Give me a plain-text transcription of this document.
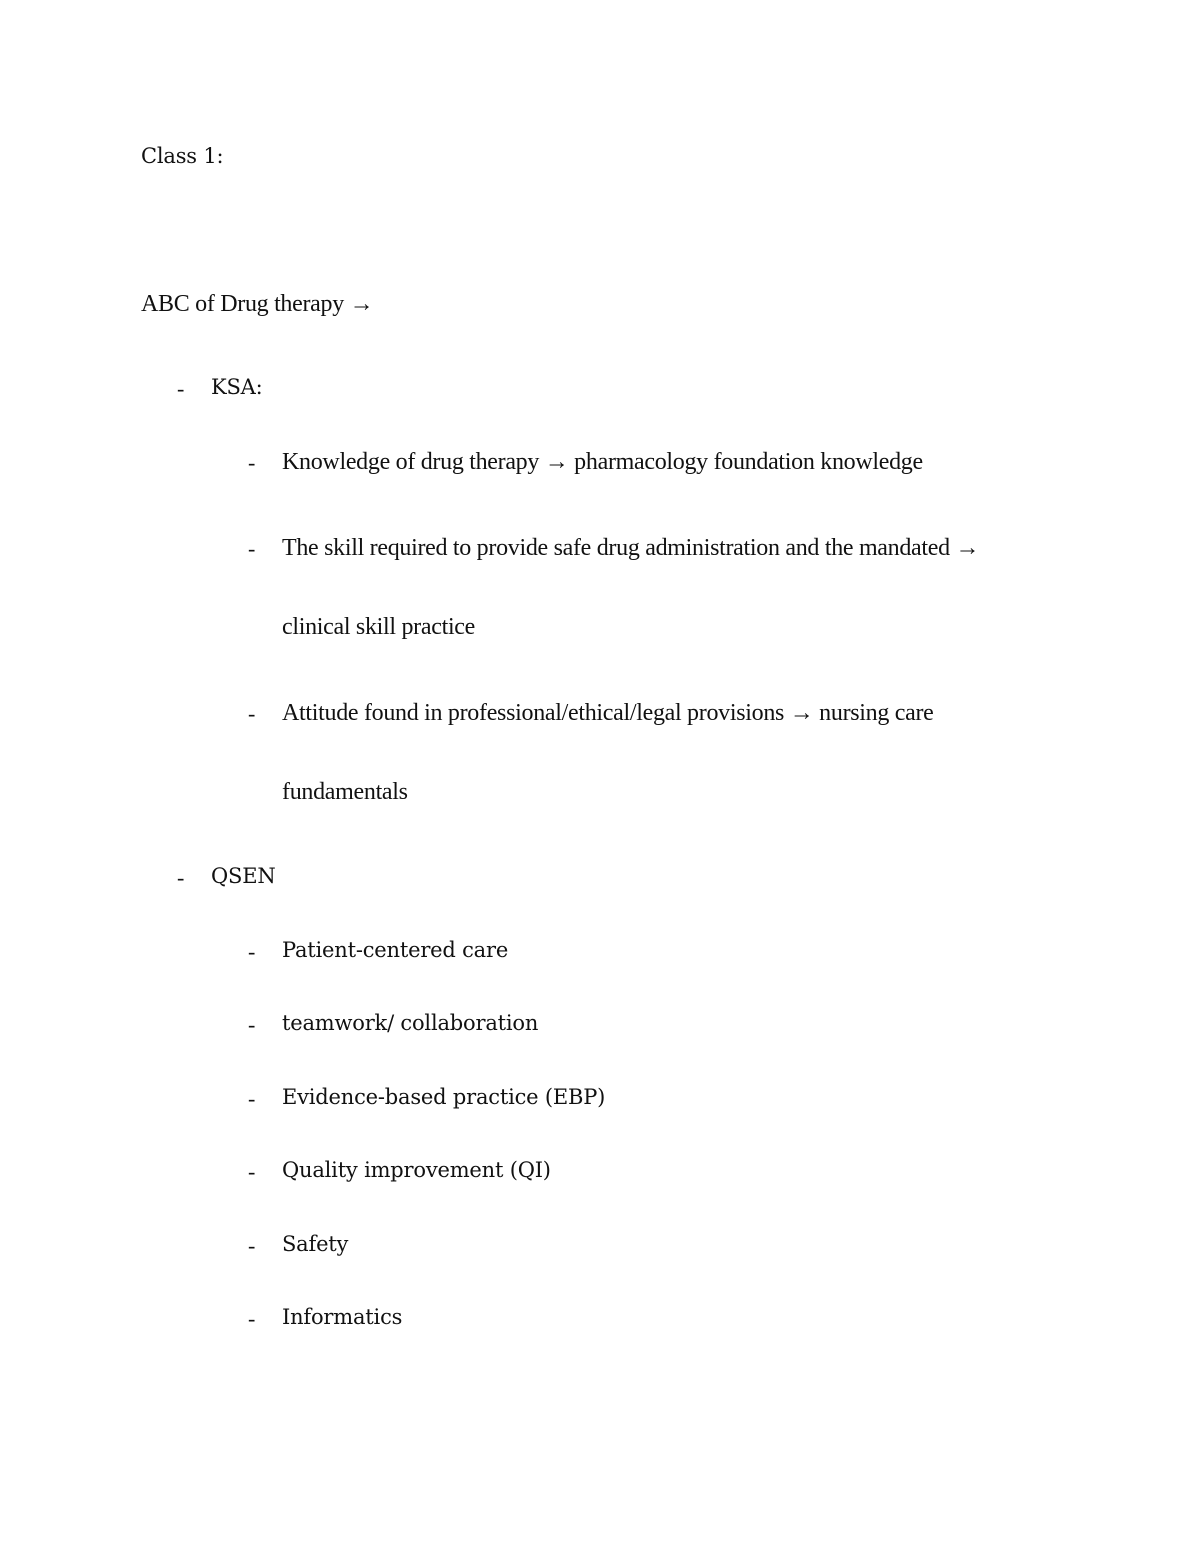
Class 1:
ABC of Drug therapy →
- KSA:
- Knowledge of drug therapy → pharmacology foundation knowledge
- The skill required to provide safe drug administration and the mandated →
clinical skill practice
- Attitude found in professional/ethical/legal provisions → nursing care
fundamentals
- QSEN
- Patient-centered care
- teamwork/ collaboration
- Evidence-based practice (EBP)
- Quality improvement (QI)
- Safety
- Informatics
